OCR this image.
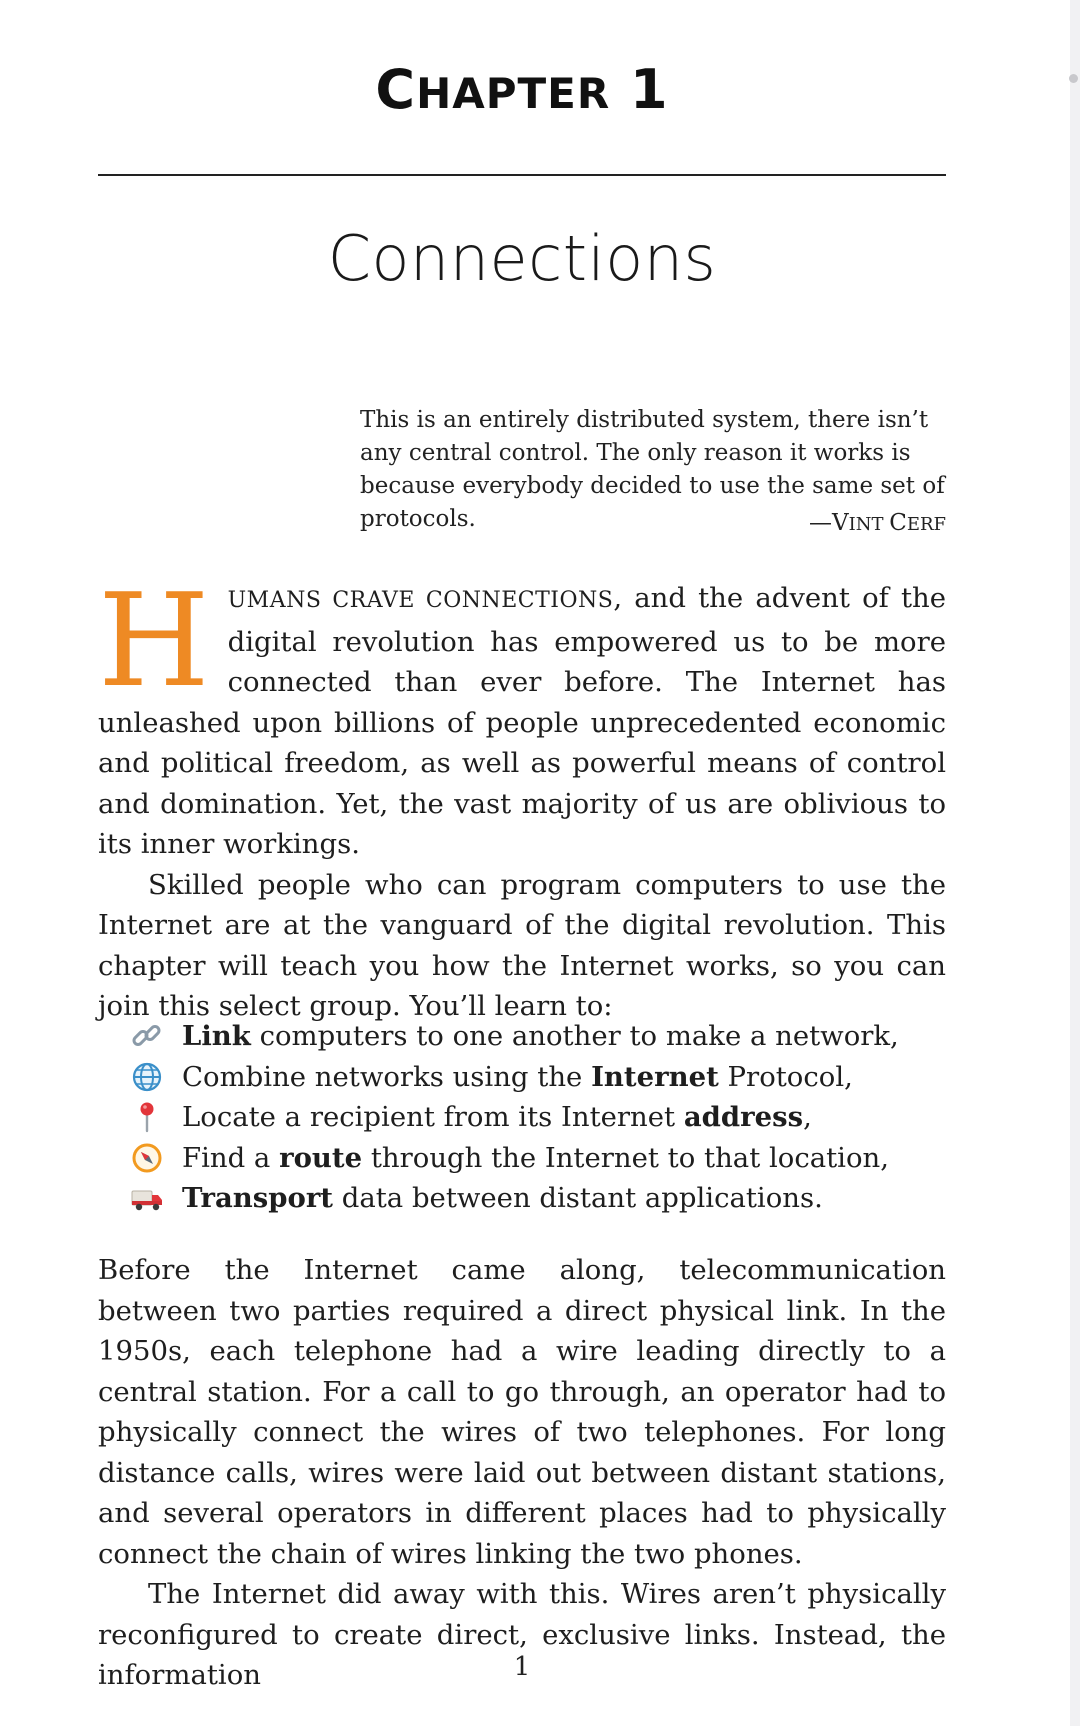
CHAPTER 1
Connections
This is an entirely distributed system, there isn’t any central control. The only reason it works is because everybody decided to use the same set of protocols.	—VINT CERF

HUMANS CRAVE CONNECTIONS, and the advent of the digital revolution has empowered us to be more connected than ever before. The Internet has unleashed upon billions of people unprecedented economic and political freedom, as well as powerful means of control and domination. Yet, the vast majority of us are oblivious to its inner workings.

Skilled people who can program computers to use the Internet are at the vanguard of the digital revolution. This chapter will teach you how the Internet works, so you can join this select group. You’ll learn to:

Link computers to one another to make a network,
Combine networks using the Internet Protocol,
Locate a recipient from its Internet address,
Find a route through the Internet to that location,
Transport data between distant applications.

Before the Internet came along, telecommunication between two parties required a direct physical link. In the 1950s, each telephone had a wire leading directly to a central station. For a call to go through, an operator had to physically connect the wires of two telephones. For long distance calls, wires were laid out between distant stations, and several operators in different places had to physically connect the chain of wires linking the two phones.

The Internet did away with this. Wires aren’t physically reconfigured to create direct, exclusive links. Instead, the information	1
